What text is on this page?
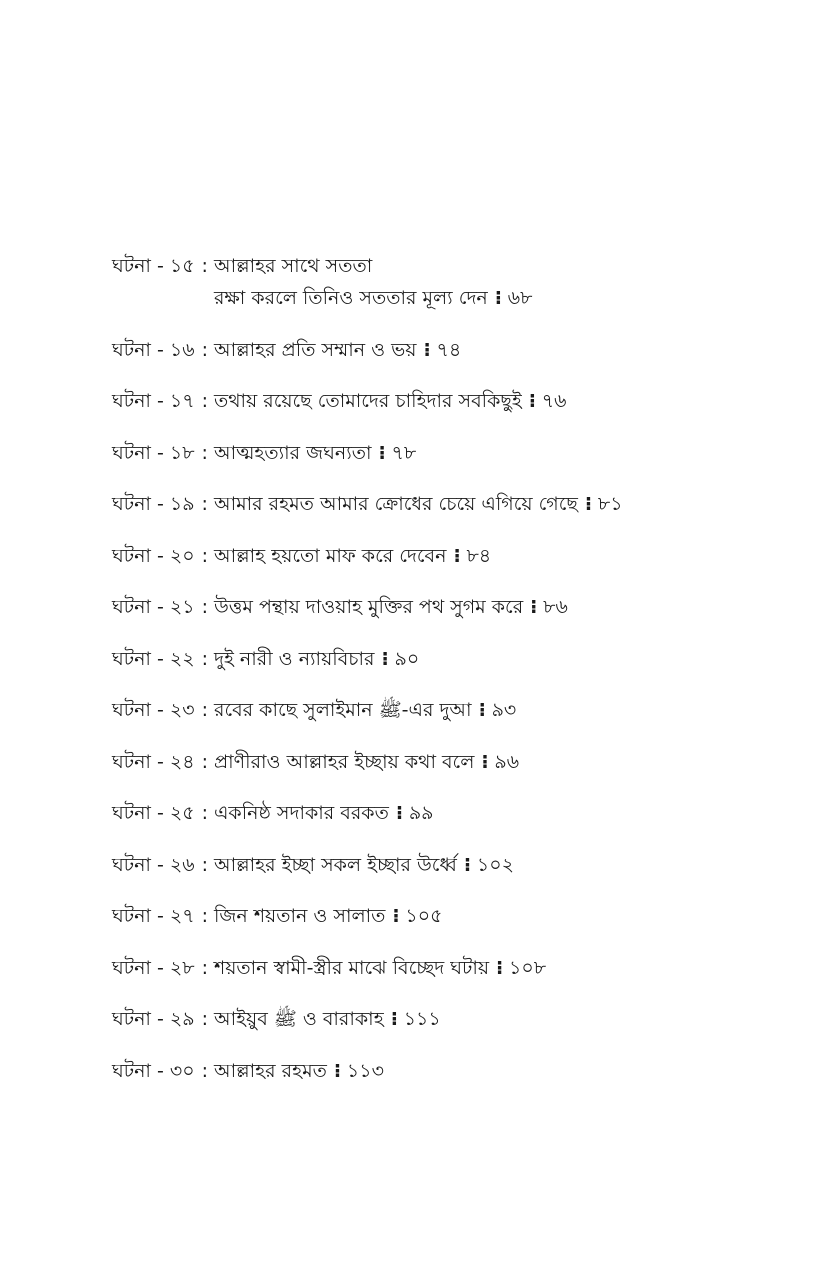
ঘটনা - ১৫ : আল্লাহর সাথে সততা
রক্ষা করলে তিনিও সততার মূল্য দেন ⁝ ৬৮
ঘটনা - ১৬ : আল্লাহর প্রতি সম্মান ও ভয় ⁝ ৭৪
ঘটনা - ১৭ : তথায় রয়েছে তোমাদের চাহিদার সবকিছুই ⁝ ৭৬
ঘটনা - ১৮ : আত্মহত্যার জঘন্যতা ⁝ ৭৮
ঘটনা - ১৯ : আমার রহমত আমার ক্রোধের চেয়ে এগিয়ে গেছে ⁝ ৮১
ঘটনা - ২০ : আল্লাহ হয়তো মাফ করে দেবেন ⁝ ৮৪
ঘটনা - ২১ : উত্তম পন্থায় দাওয়াহ মুক্তির পথ সুগম করে ⁝ ৮৬
ঘটনা - ২২ : দুই নারী ও ন্যায়বিচার ⁝ ৯০
ঘটনা - ২৩ : রবের কাছে সুলাইমান ﷺ-এর দুআ ⁝ ৯৩
ঘটনা - ২৪ : প্রাণীরাও আল্লাহর ইচ্ছায় কথা বলে ⁝ ৯৬
ঘটনা - ২৫ : একনিষ্ঠ সদাকার বরকত ⁝ ৯৯
ঘটনা - ২৬ : আল্লাহর ইচ্ছা সকল ইচ্ছার উর্ধ্বে ⁝ ১০২
ঘটনা - ২৭ : জিন শয়তান ও সালাত ⁝ ১০৫
ঘটনা - ২৮ : শয়তান স্বামী-স্ত্রীর মাঝে বিচ্ছেদ ঘটায় ⁝ ১০৮
ঘটনা - ২৯ : আইয়ুব ﷺ ও বারাকাহ ⁝ ১১১
ঘটনা - ৩০ : আল্লাহর রহমত ⁝ ১১৩
